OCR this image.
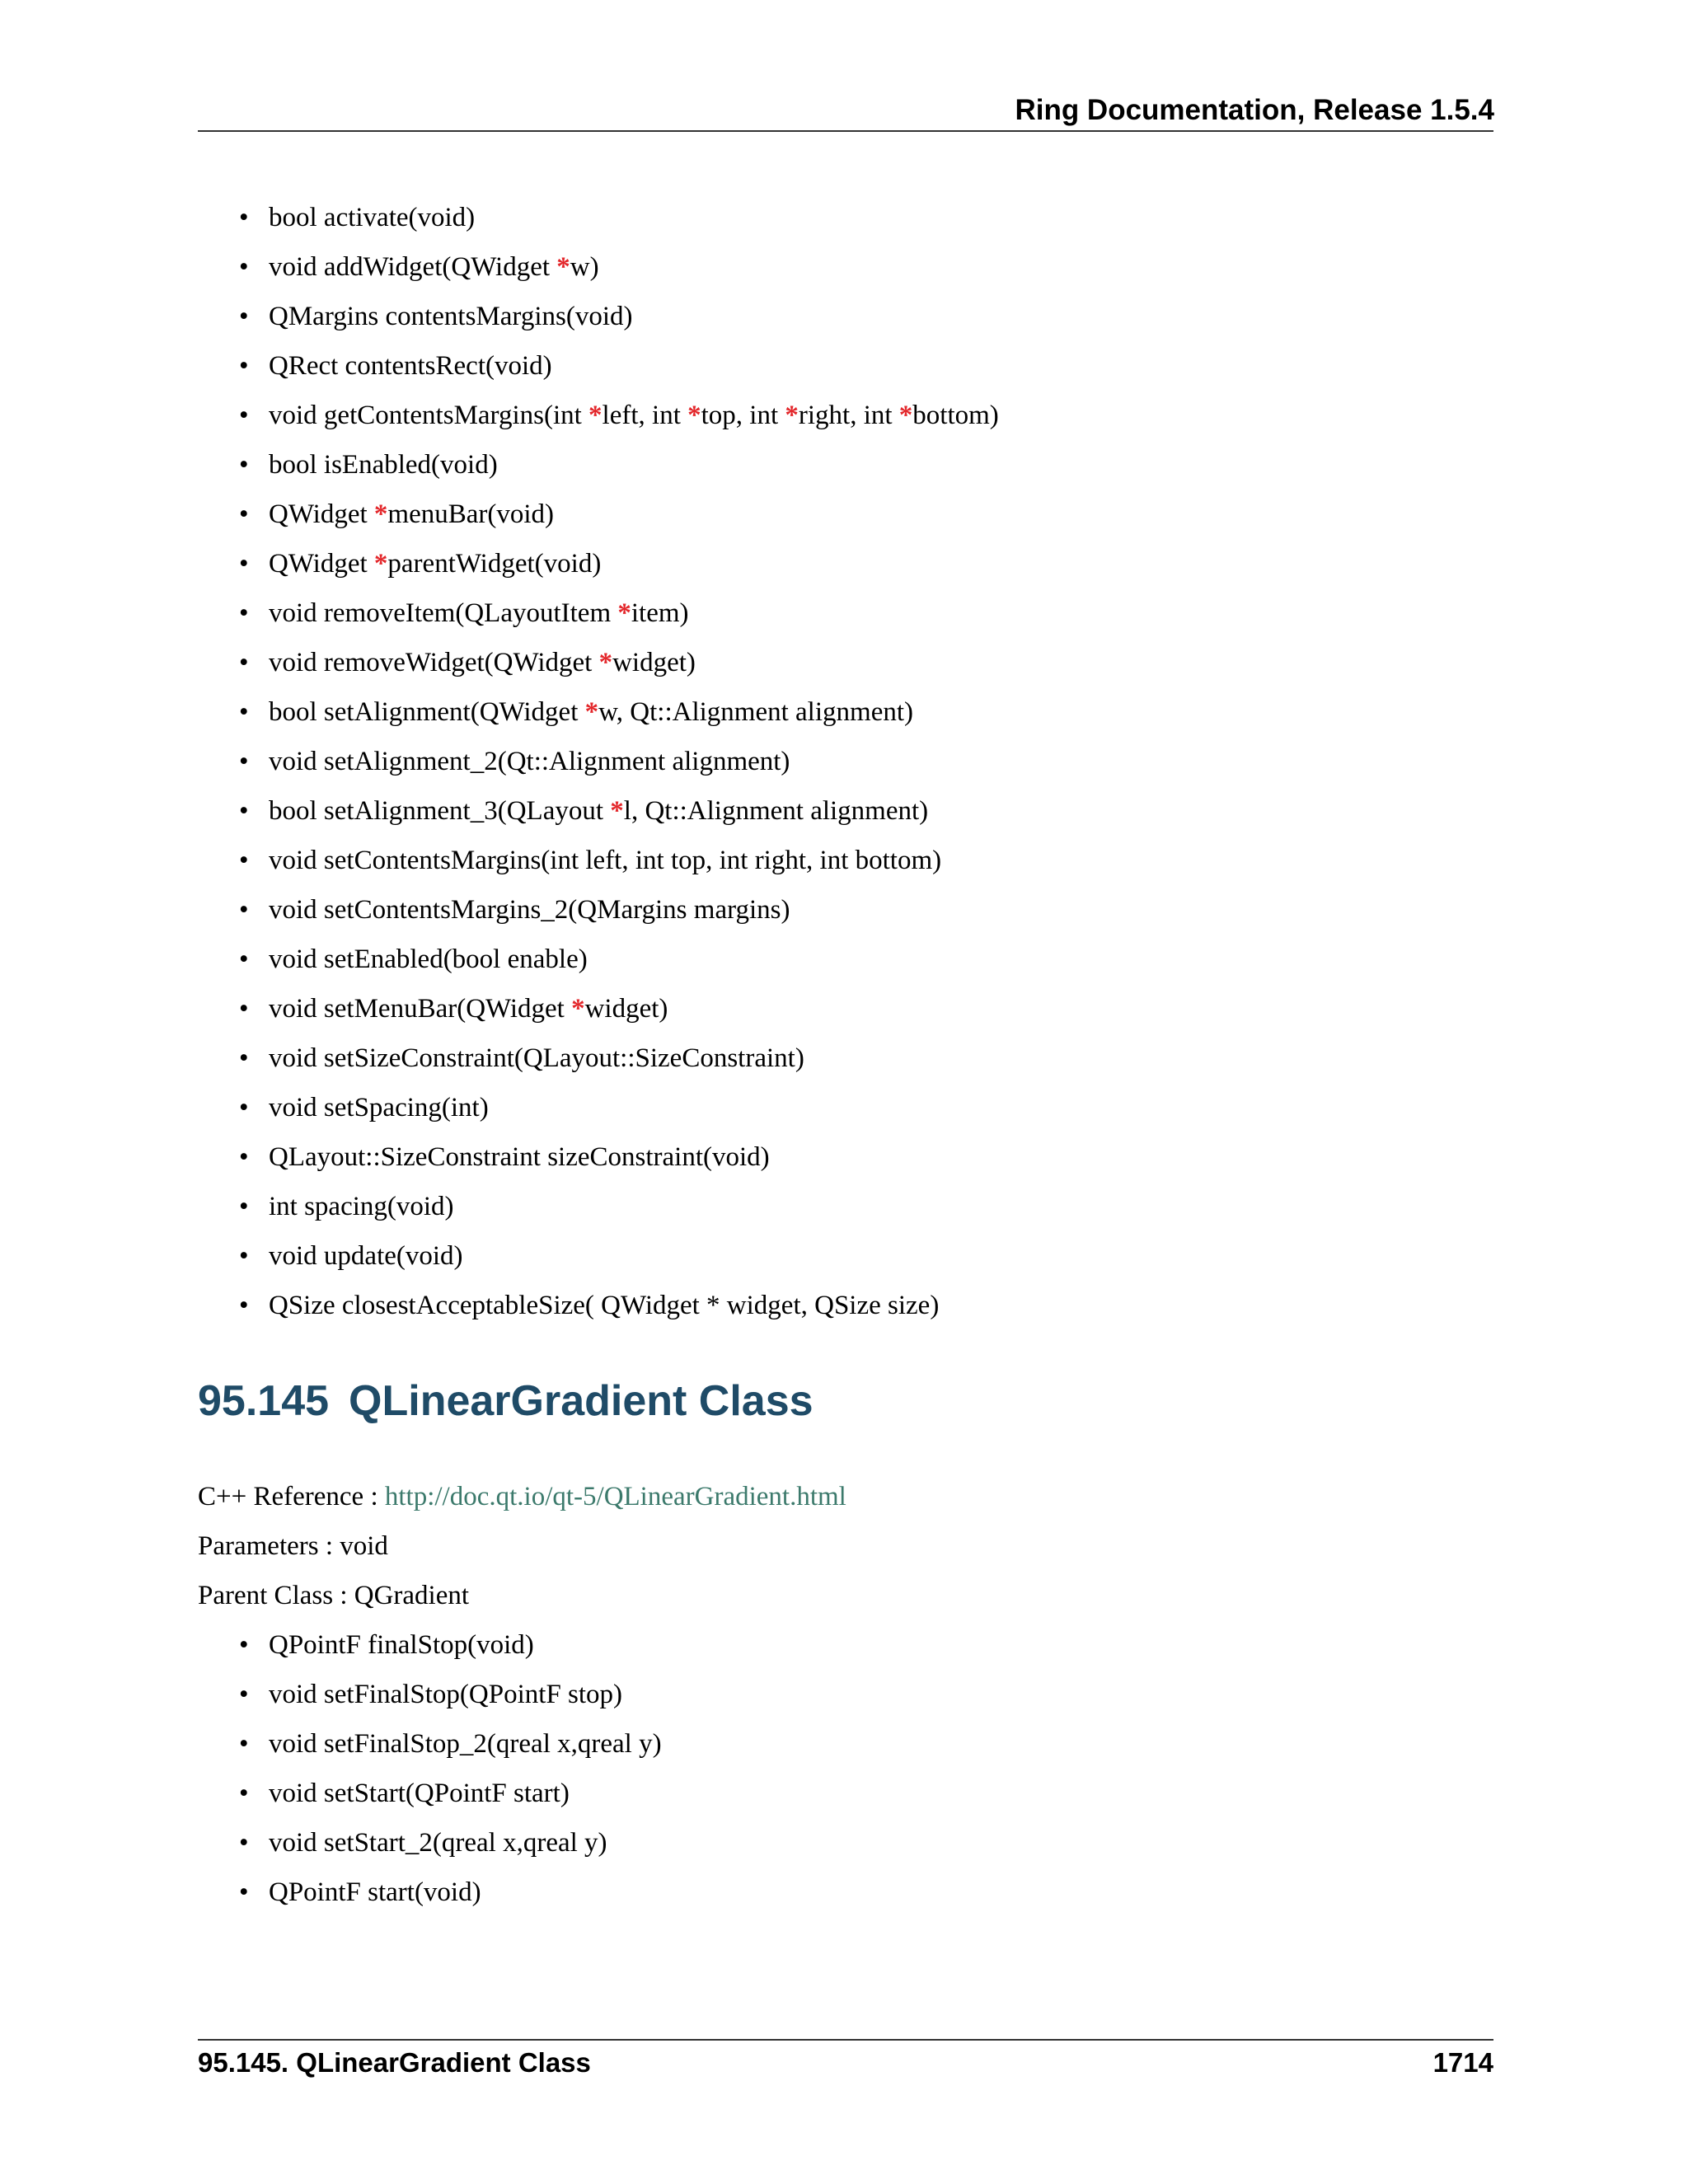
Ring Documentation, Release 1.5.4
• bool activate(void)
• void addWidget(QWidget *w)
• QMargins contentsMargins(void)
• QRect contentsRect(void)
• void getContentsMargins(int *left, int *top, int *right, int *bottom)
• bool isEnabled(void)
• QWidget *menuBar(void)
• QWidget *parentWidget(void)
• void removeItem(QLayoutItem *item)
• void removeWidget(QWidget *widget)
• bool setAlignment(QWidget *w, Qt::Alignment alignment)
• void setAlignment_2(Qt::Alignment alignment)
• bool setAlignment_3(QLayout *l, Qt::Alignment alignment)
• void setContentsMargins(int left, int top, int right, int bottom)
• void setContentsMargins_2(QMargins margins)
• void setEnabled(bool enable)
• void setMenuBar(QWidget *widget)
• void setSizeConstraint(QLayout::SizeConstraint)
• void setSpacing(int)
• QLayout::SizeConstraint sizeConstraint(void)
• int spacing(void)
• void update(void)
• QSize closestAcceptableSize( QWidget * widget, QSize size)
95.145 QLinearGradient Class
C++ Reference : http://doc.qt.io/qt-5/QLinearGradient.html
Parameters : void
Parent Class : QGradient
• QPointF finalStop(void)
• void setFinalStop(QPointF stop)
• void setFinalStop_2(qreal x,qreal y)
• void setStart(QPointF start)
• void setStart_2(qreal x,qreal y)
• QPointF start(void)
95.145. QLinearGradient Class	1714
